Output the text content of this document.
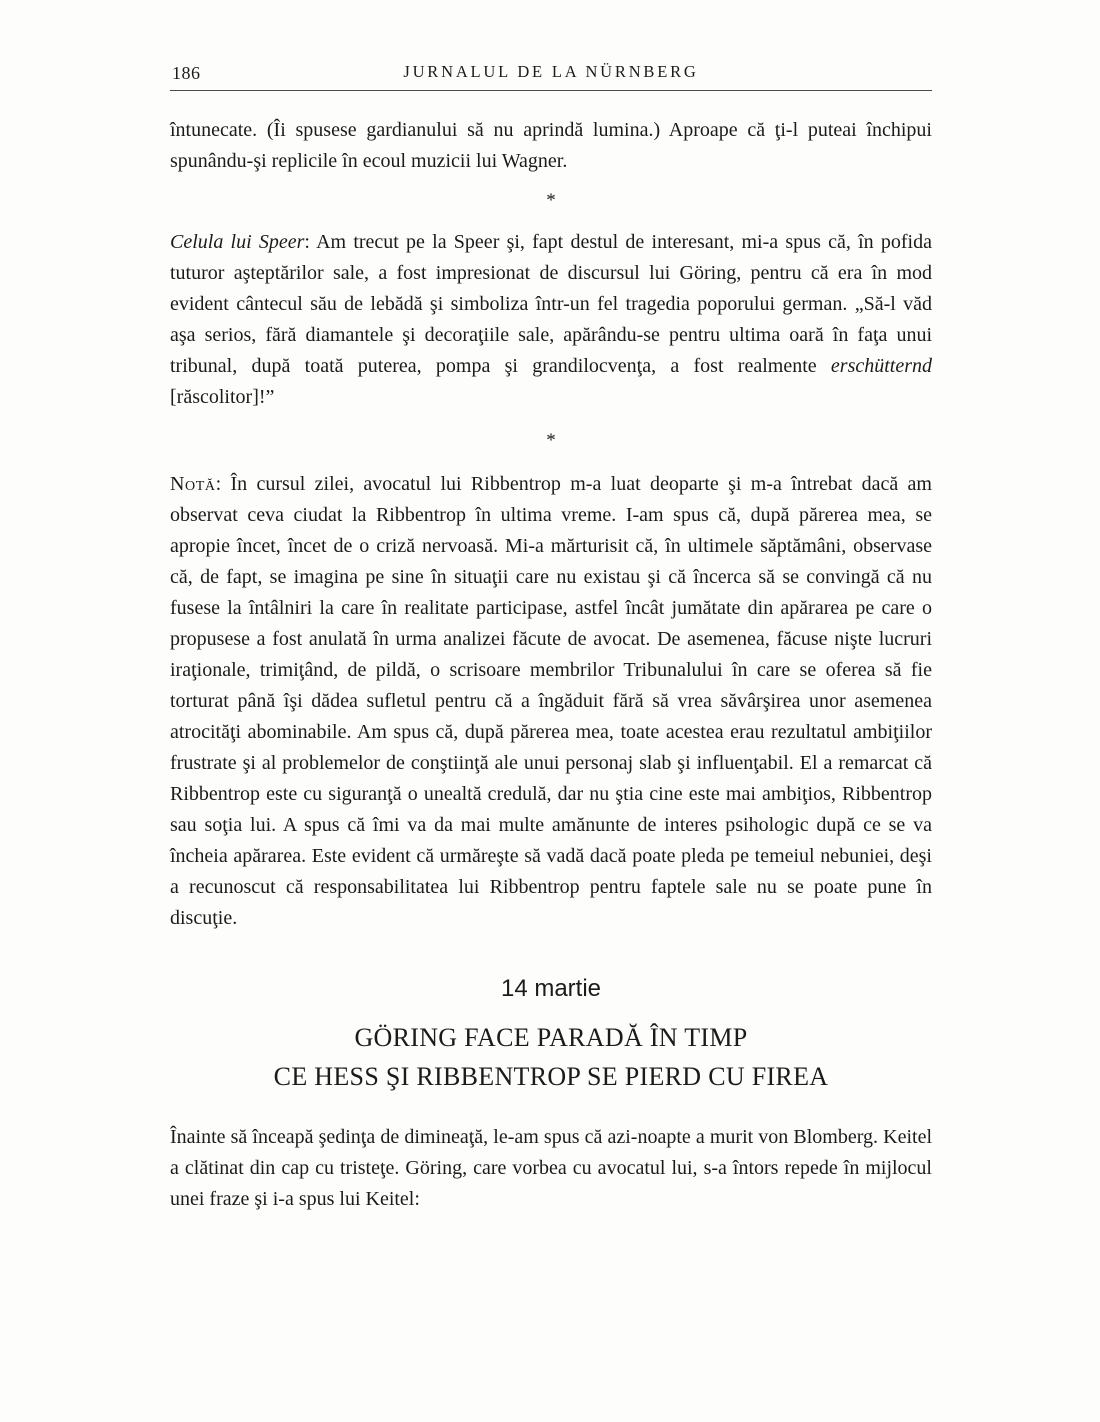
186	JURNALUL DE LA NÜRNBERG

întunecate. (Îi spusese gardianului să nu aprindă lumina.) Aproape că ţi-l puteai închipui spunându-şi replicile în ecoul muzicii lui Wagner.

*

Celula lui Speer: Am trecut pe la Speer şi, fapt destul de interesant, mi-a spus că, în pofida tuturor aşteptărilor sale, a fost impresionat de discursul lui Göring, pentru că era în mod evident cântecul său de lebădă şi simboliza într-un fel tragedia poporului german. „Să-l văd aşa serios, fără diamantele şi decoraţiile sale, apărându-se pentru ultima oară în faţa unui tribunal, după toată puterea, pompa şi grandilocvenţa, a fost realmente erschütternd [răscolitor]!”

*

Notă: În cursul zilei, avocatul lui Ribbentrop m-a luat deoparte şi m-a întrebat dacă am observat ceva ciudat la Ribbentrop în ultima vreme. I-am spus că, după părerea mea, se apropie încet, încet de o criză nervoasă. Mi-a mărturisit că, în ultimele săptămâni, observase că, de fapt, se imagina pe sine în situaţii care nu existau şi că încerca să se convingă că nu fusese la întâlniri la care în realitate participase, astfel încât jumătate din apărarea pe care o propusese a fost anulată în urma analizei făcute de avocat. De asemenea, făcuse nişte lucruri iraţionale, trimiţând, de pildă, o scrisoare membrilor Tribunalului în care se oferea să fie torturat până îşi dădea sufletul pentru că a îngăduit fără să vrea săvârşirea unor asemenea atrocităţi abominabile. Am spus că, după părerea mea, toate acestea erau rezultatul ambiţiilor frustrate şi al problemelor de conştiinţă ale unui personaj slab şi influenţabil. El a remarcat că Ribbentrop este cu siguranţă o unealtă credulă, dar nu ştia cine este mai ambiţios, Ribbentrop sau soţia lui. A spus că îmi va da mai multe amănunte de interes psihologic după ce se va încheia apărarea. Este evident că urmăreşte să vadă dacă poate pleda pe temeiul nebuniei, deşi a recunoscut că responsabilitatea lui Ribbentrop pentru faptele sale nu se poate pune în discuţie.

14 martie
GÖRING FACE PARADĂ ÎN TIMP
CE HESS ŞI RIBBENTROP SE PIERD CU FIREA

Înainte să înceapă şedinţa de dimineaţă, le-am spus că azi-noapte a murit von Blomberg. Keitel a clătinat din cap cu tristeţe. Göring, care vorbea cu avocatul lui, s-a întors repede în mijlocul unei fraze şi i-a spus lui Keitel:
